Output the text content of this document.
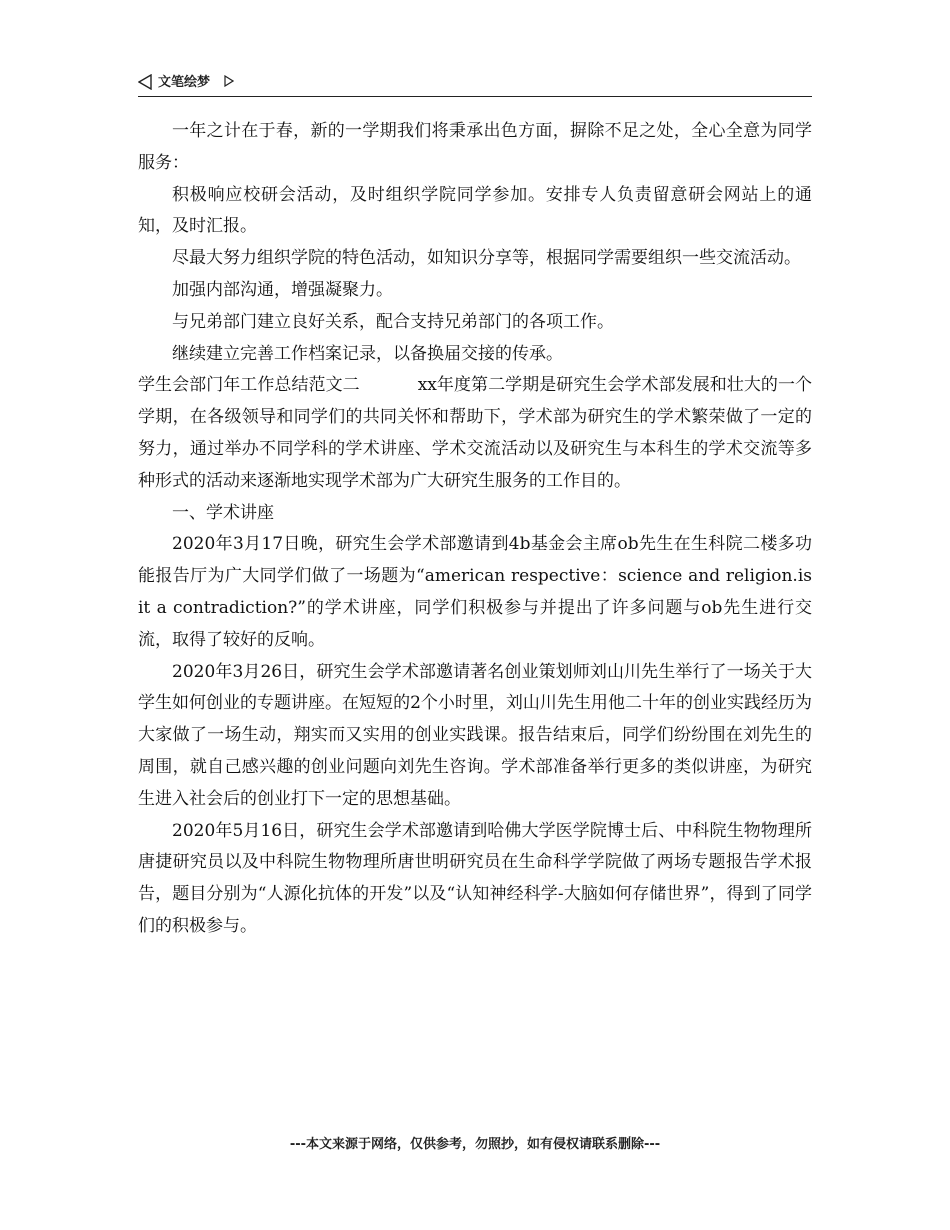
文笔绘梦

一年之计在于春，新的一学期我们将秉承出色方面，摒除不足之处，全心全意为同学服务：

积极响应校研会活动，及时组织学院同学参加。安排专人负责留意研会网站上的通知，及时汇报。

尽最大努力组织学院的特色活动，如知识分享等，根据同学需要组织一些交流活动。

加强内部沟通，增强凝聚力。

与兄弟部门建立良好关系，配合支持兄弟部门的各项工作。

继续建立完善工作档案记录，以备换届交接的传承。

学生会部门年工作总结范文二	xx年度第二学期是研究生会学术部发展和壮大的一个学期，在各级领导和同学们的共同关怀和帮助下，学术部为研究生的学术繁荣做了一定的努力，通过举办不同学科的学术讲座、学术交流活动以及研究生与本科生的学术交流等多种形式的活动来逐渐地实现学术部为广大研究生服务的工作目的。

一、学术讲座

2020年3月17日晚，研究生会学术部邀请到4b基金会主席ob先生在生科院二楼多功能报告厅为广大同学们做了一场题为“american respective：science and religion.is it a contradiction?”的学术讲座，同学们积极参与并提出了许多问题与ob先生进行交流，取得了较好的反响。

2020年3月26日，研究生会学术部邀请著名创业策划师刘山川先生举行了一场关于大学生如何创业的专题讲座。在短短的2个小时里，刘山川先生用他二十年的创业实践经历为大家做了一场生动，翔实而又实用的创业实践课。报告结束后，同学们纷纷围在刘先生的周围，就自己感兴趣的创业问题向刘先生咨询。学术部准备举行更多的类似讲座，为研究生进入社会后的创业打下一定的思想基础。

2020年5月16日，研究生会学术部邀请到哈佛大学医学院博士后、中科院生物物理所唐捷研究员以及中科院生物物理所唐世明研究员在生命科学学院做了两场专题报告学术报告，题目分别为“人源化抗体的开发”以及“认知神经科学-大脑如何存储世界”，得到了同学们的积极参与。

---本文来源于网络，仅供参考，勿照抄，如有侵权请联系删除---
